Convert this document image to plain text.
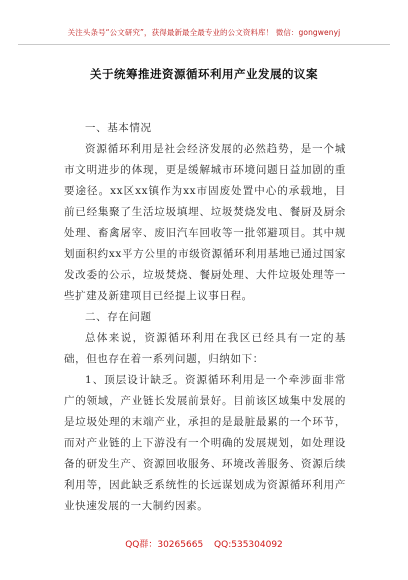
关注头条号“公文研究”，获得最新最全最专业的公文资料库！ 微信：gongwenyj
关于统筹推进资源循环利用产业发展的议案

一、基本情况

资源循环利用是社会经济发展的必然趋势，是一个城市文明进步的体现，更是缓解城市环境问题日益加剧的重要途径。xx区xx镇作为xx市固废处置中心的承载地，目前已经集聚了生活垃圾填埋、垃圾焚烧发电、餐厨及厨余处理、畜禽屠宰、废旧汽车回收等一批邻避项目。其中规划面积约xx平方公里的市级资源循环利用基地已通过国家发改委的公示，垃圾焚烧、餐厨处理、大件垃圾处理等一些扩建及新建项目已经提上议事日程。

二、存在问题

总体来说，资源循环利用在我区已经具有一定的基础，但也存在着一系列问题，归纳如下：

1、顶层设计缺乏。资源循环利用是一个牵涉面非常广的领域，产业链长发展前景好。目前该区域集中发展的是垃圾处理的末端产业，承担的是最脏最累的一个环节，而对产业链的上下游没有一个明确的发展规划，如处理设备的研发生产、资源回收服务、环境改善服务、资源后续利用等，因此缺乏系统性的长远谋划成为资源循环利用产业快速发展的一大制约因素。

QQ群：30265665 QQ:535304092
